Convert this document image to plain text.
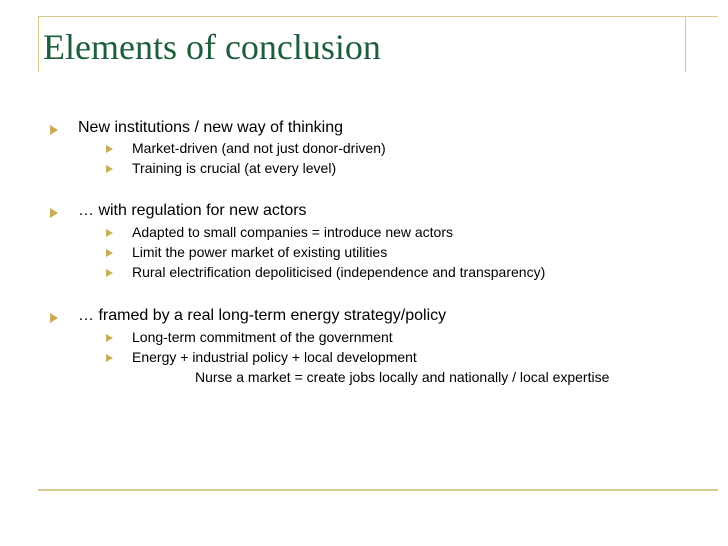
Elements of conclusion
New institutions / new way of thinking
Market-driven (and not just donor-driven)
Training is crucial (at every level)
… with regulation for new actors
Adapted to small companies = introduce new actors
Limit the power market of existing utilities
Rural electrification depoliticised (independence and transparency)
… framed by a real long-term energy strategy/policy
Long-term commitment of the government
Energy + industrial policy + local development
Nurse a market = create jobs locally and nationally / local expertise
